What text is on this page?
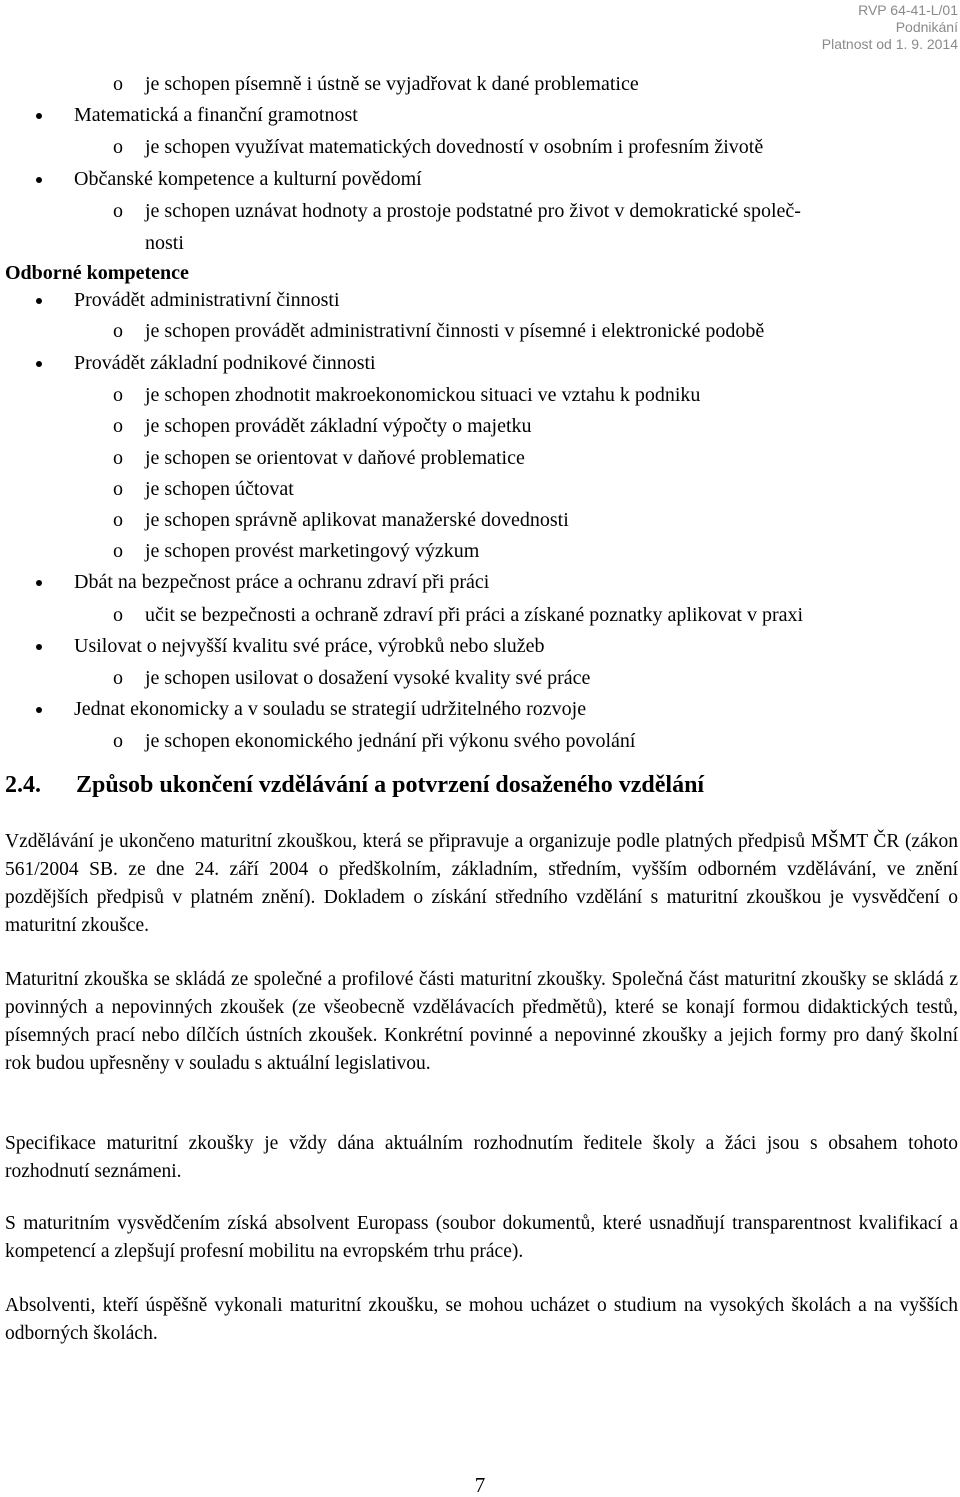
RVP 64-41-L/01
Podnikání
Platnost od 1. 9. 2014
o je schopen písemně i ústně se vyjadřovat k dané problematice
Matematická a finanční gramotnost
o je schopen využívat matematických dovedností v osobním i profesním životě
Občanské kompetence a kulturní povědomí
o je schopen uznávat hodnoty a prostoje podstatné pro život v demokratické společ-
nosti
Odborné kompetence
Provádět administrativní činnosti
o je schopen provádět administrativní činnosti v písemné i elektronické podobě
Provádět základní podnikové činnosti
o je schopen zhodnotit makroekonomickou situaci ve vztahu k podniku
o je schopen provádět základní výpočty o majetku
o je schopen se orientovat v daňové problematice
o je schopen účtovat
o je schopen správně aplikovat manažerské dovednosti
o je schopen provést marketingový výzkum
Dbát na bezpečnost práce a ochranu zdraví při práci
o učit se bezpečnosti a ochraně zdraví při práci a získané poznatky aplikovat v praxi
Usilovat o nejvyšší kvalitu své práce, výrobků nebo služeb
o je schopen usilovat o dosažení vysoké kvality své práce
Jednat ekonomicky a v souladu se strategií udržitelného rozvoje
o je schopen ekonomického jednání při výkonu svého povolání
2.4. Způsob ukončení vzdělávání a potvrzení dosaženého vzdělání
Vzdělávání je ukončeno maturitní zkouškou, která se připravuje a organizuje podle platných předpisů MŠMT ČR (zákon 561/2004 SB. ze dne 24. září 2004 o předškolním, základním, středním, vyšším odborném vzdělávání, ve znění pozdějších předpisů v platném znění). Dokladem o získání středního vzdělání s maturitní zkouškou je vysvědčení o maturitní zkoušce.
Maturitní zkouška se skládá ze společné a profilové části maturitní zkoušky. Společná část maturitní zkoušky se skládá z povinných a nepovinných zkoušek (ze všeobecně vzdělávacích předmětů), které se konají formou didaktických testů, písemných prací nebo dílčích ústních zkoušek. Konkrétní povinné a nepovinné zkoušky a jejich formy pro daný školní rok budou upřesněny v souladu s aktuální legislativou.
Specifikace maturitní zkoušky je vždy dána aktuálním rozhodnutím ředitele školy a žáci jsou s obsahem tohoto rozhodnutí seznámeni.
S maturitním vysvědčením získá absolvent Europass (soubor dokumentů, které usnadňují transparentnost kvalifikací a kompetencí a zlepšují profesní mobilitu na evropském trhu práce).
Absolventi, kteří úspěšně vykonali maturitní zkoušku, se mohou ucházet o studium na vysokých školách a na vyšších odborných školách.
7
